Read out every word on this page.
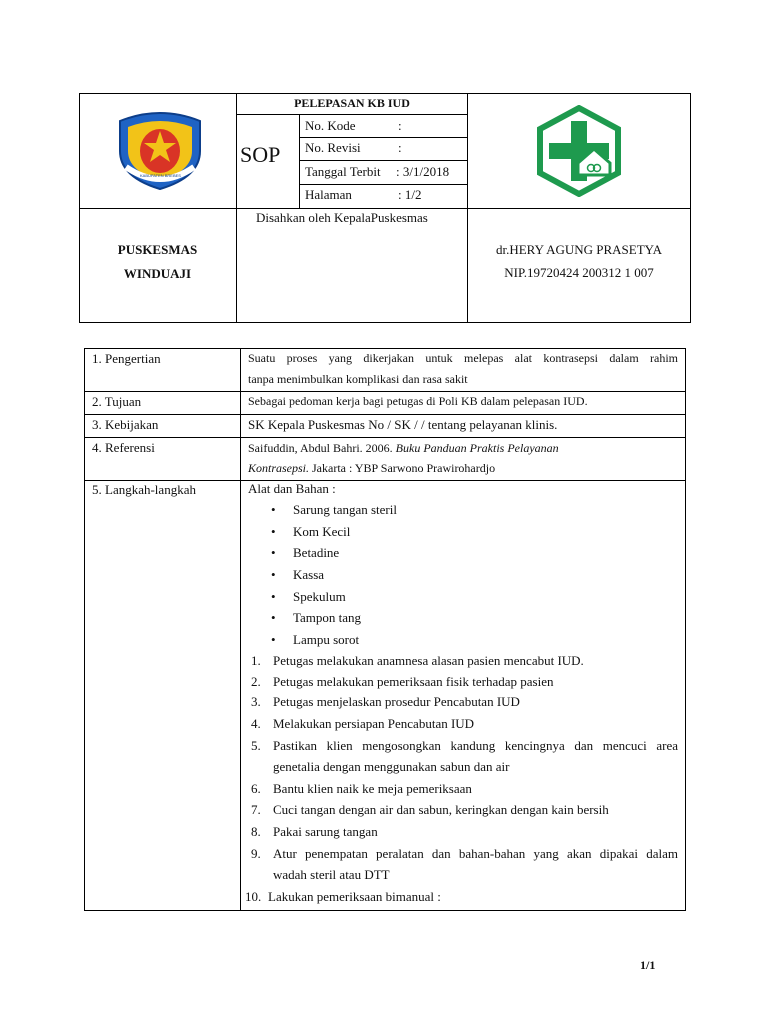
KABUPATEN BREBES
PELEPASAN KB IUD
SOP
No. Kode	:
No. Revisi	:
Tanggal Terbit	: 3/1/2018
Halaman	: 1/2
PUSKESMAS
WINDUAJI
Disahkan oleh KepalaPuskesmas
dr.HERY AGUNG PRASETYA
NIP.19720424 200312 1 007
1. Pengertian	Suatu proses yang dikerjakan untuk melepas alat kontrasepsi dalam rahim
tanpa menimbulkan komplikasi dan rasa sakit
2. Tujuan	Sebagai pedoman kerja bagi petugas di Poli KB dalam pelepasan IUD.
3. Kebijakan	SK Kepala Puskesmas No / SK / / tentang pelayanan klinis.
4. Referensi	Saifuddin, Abdul Bahri. 2006. Buku Panduan Praktis Pelayanan
Kontrasepsi. Jakarta : YBP Sarwono Prawirohardjo
5. Langkah-langkah	Alat dan Bahan :
• Sarung tangan steril
• Kom Kecil
• Betadine
• Kassa
• Spekulum
• Tampon tang
• Lampu sorot
1. Petugas melakukan anamnesa alasan pasien mencabut IUD.
2. Petugas melakukan pemeriksaan fisik terhadap pasien
3. Petugas menjelaskan prosedur Pencabutan IUD
4. Melakukan persiapan Pencabutan IUD
5. Pastikan klien mengosongkan kandung kencingnya dan mencuci area
genetalia dengan menggunakan sabun dan air
6. Bantu klien naik ke meja pemeriksaan
7. Cuci tangan dengan air dan sabun, keringkan dengan kain bersih
8. Pakai sarung tangan
9. Atur penempatan peralatan dan bahan-bahan yang akan dipakai dalam
wadah steril atau DTT
10. Lakukan pemeriksaan bimanual :
1/1
